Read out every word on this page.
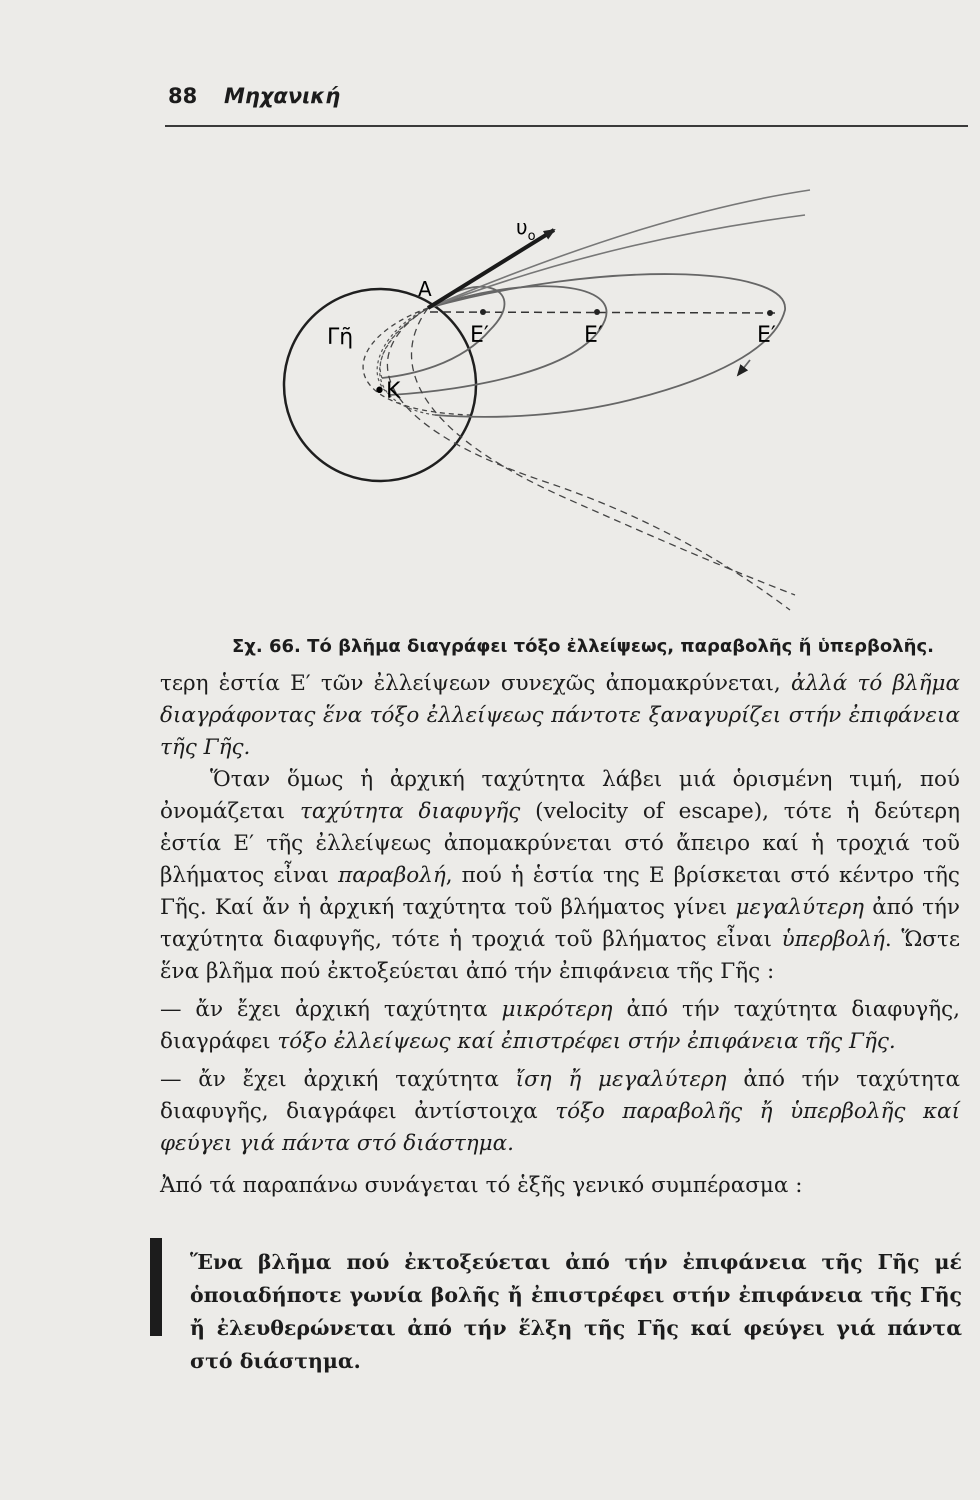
88 Μηχανική
Γῆ
•Κ
Α
$\upsilon_o$
Ε′	Ε′	Ε′
Σχ. 66. Τό βλῆμα διαγράφει τόξο ἐλλείψεως, παραβολῆς ἤ ὑπερβολῆς.

τερη ἑστία Ε′ τῶν ἐλλείψεων συνεχῶς ἀπομακρύνεται, ἀλλά τό βλῆμα διαγράφοντας ἕνα τόξο ἐλλείψεως πάντοτε ξαναγυρίζει στήν ἐπιφάνεια τῆς Γῆς.

Ὅταν ὅμως ἡ ἀρχική ταχύτητα λάβει μιά ὁρισμένη τιμή, πού ὀνομάζεται ταχύτητα διαφυγῆς (velocity of escape), τότε ἡ δεύτερη ἑστία Ε′ τῆς ἐλλείψεως ἀπομακρύνεται στό ἄπειρο καί ἡ τροχιά τοῦ βλήματος εἶναι παραβολή, πού ἡ ἑστία της Ε βρίσκεται στό κέντρο τῆς Γῆς. Καί ἄν ἡ ἀρχική ταχύτητα τοῦ βλήματος γίνει μεγαλύτερη ἀπό τήν ταχύτητα διαφυγῆς, τότε ἡ τροχιά τοῦ βλήματος εἶναι ὑπερβολή. Ὥστε ἕνα βλῆμα πού ἐκτοξεύεται ἀπό τήν ἐπιφάνεια τῆς Γῆς :

— ἄν ἔχει ἀρχική ταχύτητα μικρότερη ἀπό τήν ταχύτητα διαφυγῆς, διαγράφει τόξο ἐλλείψεως καί ἐπιστρέφει στήν ἐπιφάνεια τῆς Γῆς.

— ἄν ἔχει ἀρχική ταχύτητα ἴση ἤ μεγαλύτερη ἀπό τήν ταχύτητα διαφυγῆς, διαγράφει ἀντίστοιχα τόξο παραβολῆς ἤ ὑπερβολῆς καί φεύγει γιά πάντα στό διάστημα.

Ἀπό τά παραπάνω συνάγεται τό ἑξῆς γενικό συμπέρασμα :

Ἕνα βλῆμα πού ἐκτοξεύεται ἀπό τήν ἐπιφάνεια τῆς Γῆς μέ ὁποιαδήποτε γωνία βολῆς ἤ ἐπιστρέφει στήν ἐπιφάνεια τῆς Γῆς ἤ ἐλευθερώνεται ἀπό τήν ἕλξη τῆς Γῆς καί φεύγει γιά πάντα στό διάστημα.
